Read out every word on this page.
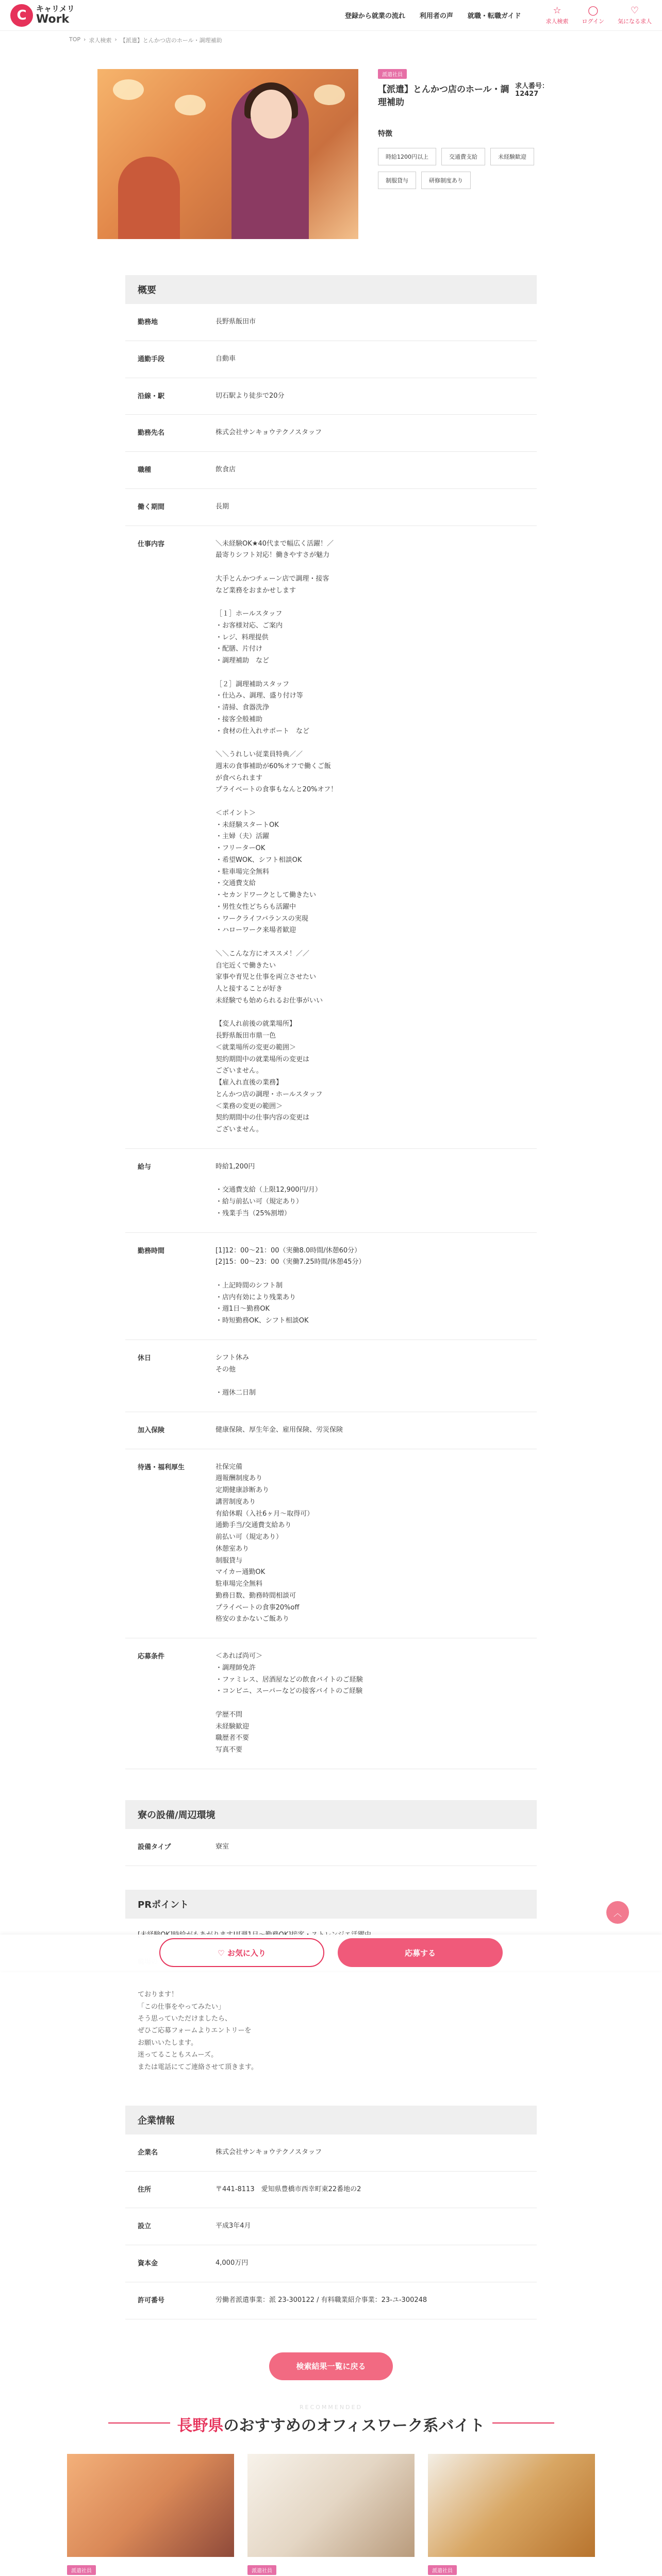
C	キャリメリ
Work	登録から就業の流れ 利用者の声 就職・転職ガイド
☆
求人検索
◯
ログイン
♡
気になる求人
TOP › 求人検索 › 【派遣】とんかつ店のホール・調理補助
派遣社員
【派遣】とんかつ店のホール・調理補助
求人番号：12427
特徴
時給1200円以上	交通費支給	未経験歓迎
制服貸与	研修制度あり
概要
勤務地	長野県飯田市
通勤手段	自動車
沿線・駅	切石駅より徒歩で20分
勤務先名	株式会社サンキョウテクノスタッフ
職種	飲食店
働く期間	長期
仕事内容	＼未経験OK★40代まで幅広く活躍！／
最寄りシフト対応！働きやすさが魅力

大手とんかつチェーン店で調理・接客
など業務をおまかせします

［１］ホールスタッフ
・お客様対応、ご案内
・レジ、料理提供
・配膳、片付け
・調理補助　など

［２］調理補助スタッフ
・仕込み、調理、盛り付け等
・清掃、食器洗浄
・接客全般補助
・食材の仕入れサポート　など

＼＼うれしい従業員特典／／
週末の食事補助が60%オフで働くご飯
が食べられます
プライベートの食事もなんと20%オフ！

＜ポイント＞
・未経験スタートOK
・主婦（夫）活躍
・フリーターOK
・希望WOK、シフト相談OK
・駐車場完全無料
・交通費支給
・セカンドワークとして働きたい
・男性女性どちらも活躍中
・ワークライフバランスの実現
・ハローワーク来場者歓迎

＼＼こんな方にオススメ！／／
自宅近くで働きたい
家事や育児と仕事を両立させたい
人と接することが好き
未経験でも始められるお仕事がいい

【変人れ前後の就業場所】
長野県飯田市鼎一色
＜就業場所の変更の範囲＞
契約期間中の就業場所の変更は
ございません。
【雇入れ直後の業務】
とんかつ店の調理・ホールスタッフ
＜業務の変更の範囲＞
契約期間中の仕事内容の変更は
ございません。
給与	時給1,200円

・交通費支給（上限12,900円/月）
・給与前払い可（規定あり）
・残業手当（25%割増）
勤務時間	[1]12：00〜21：00（実働8.0時間/休憩60分）
[2]15：00〜23：00（実働7.25時間/休憩45分）

・上記時間のシフト制
・店内有効により残業あり
・週1日〜勤務OK
・時短勤務OK、シフト相談OK
休日	シフト休み
その他

・週休二日制
加入保険	健康保険、厚生年金、雇用保険、労災保険
待遇・福利厚生	社保完備
週報酬制度あり
定期健康診断あり
講習制度あり
有給休暇（入社6ヶ月〜取得可）
通勤手当/交通費支給あり
前払い可（規定あり）
休憩室あり
制服貸与
マイカー通勤OK
駐車場完全無料
勤務日数、勤務時間相談可
プライベートの食事20%off
格安のまかないご飯あり
応募条件	＜あれば尚可＞
・調理師免許
・ファミレス、居酒屋などの飲食バイトのご経験
・コンビニ、スーパーなどの接客バイトのご経験

学歴不問
未経験歓迎
職歴者不要
写真不要
寮の設備/周辺環境
設備タイプ	寮室
PRポイント
ております！
「この仕事をやってみたい」
そう思っていただけましたら、
ぜひご応募フォームよりエントリーを
お願いいたします。
迷ってることもスムーズ。
または電話にてご連絡させて頂きます。
企業情報
企業名	株式会社サンキョウテクノスタッフ
住所	〒441-8113　愛知県豊橋市西幸町東22番地の2
設立	平成3年4月
資本金	4,000万円
許可番号	労働者派遣事業：派 23-300122 / 有料職業紹介事業：23-ユ-300248
検索結果一覧に戻る
RECOMMENDED
長野県のおすすめのオフィスワーク系バイト
派遣社員	派遣社員	派遣社員
♡ お気に入り	応募する
︿
